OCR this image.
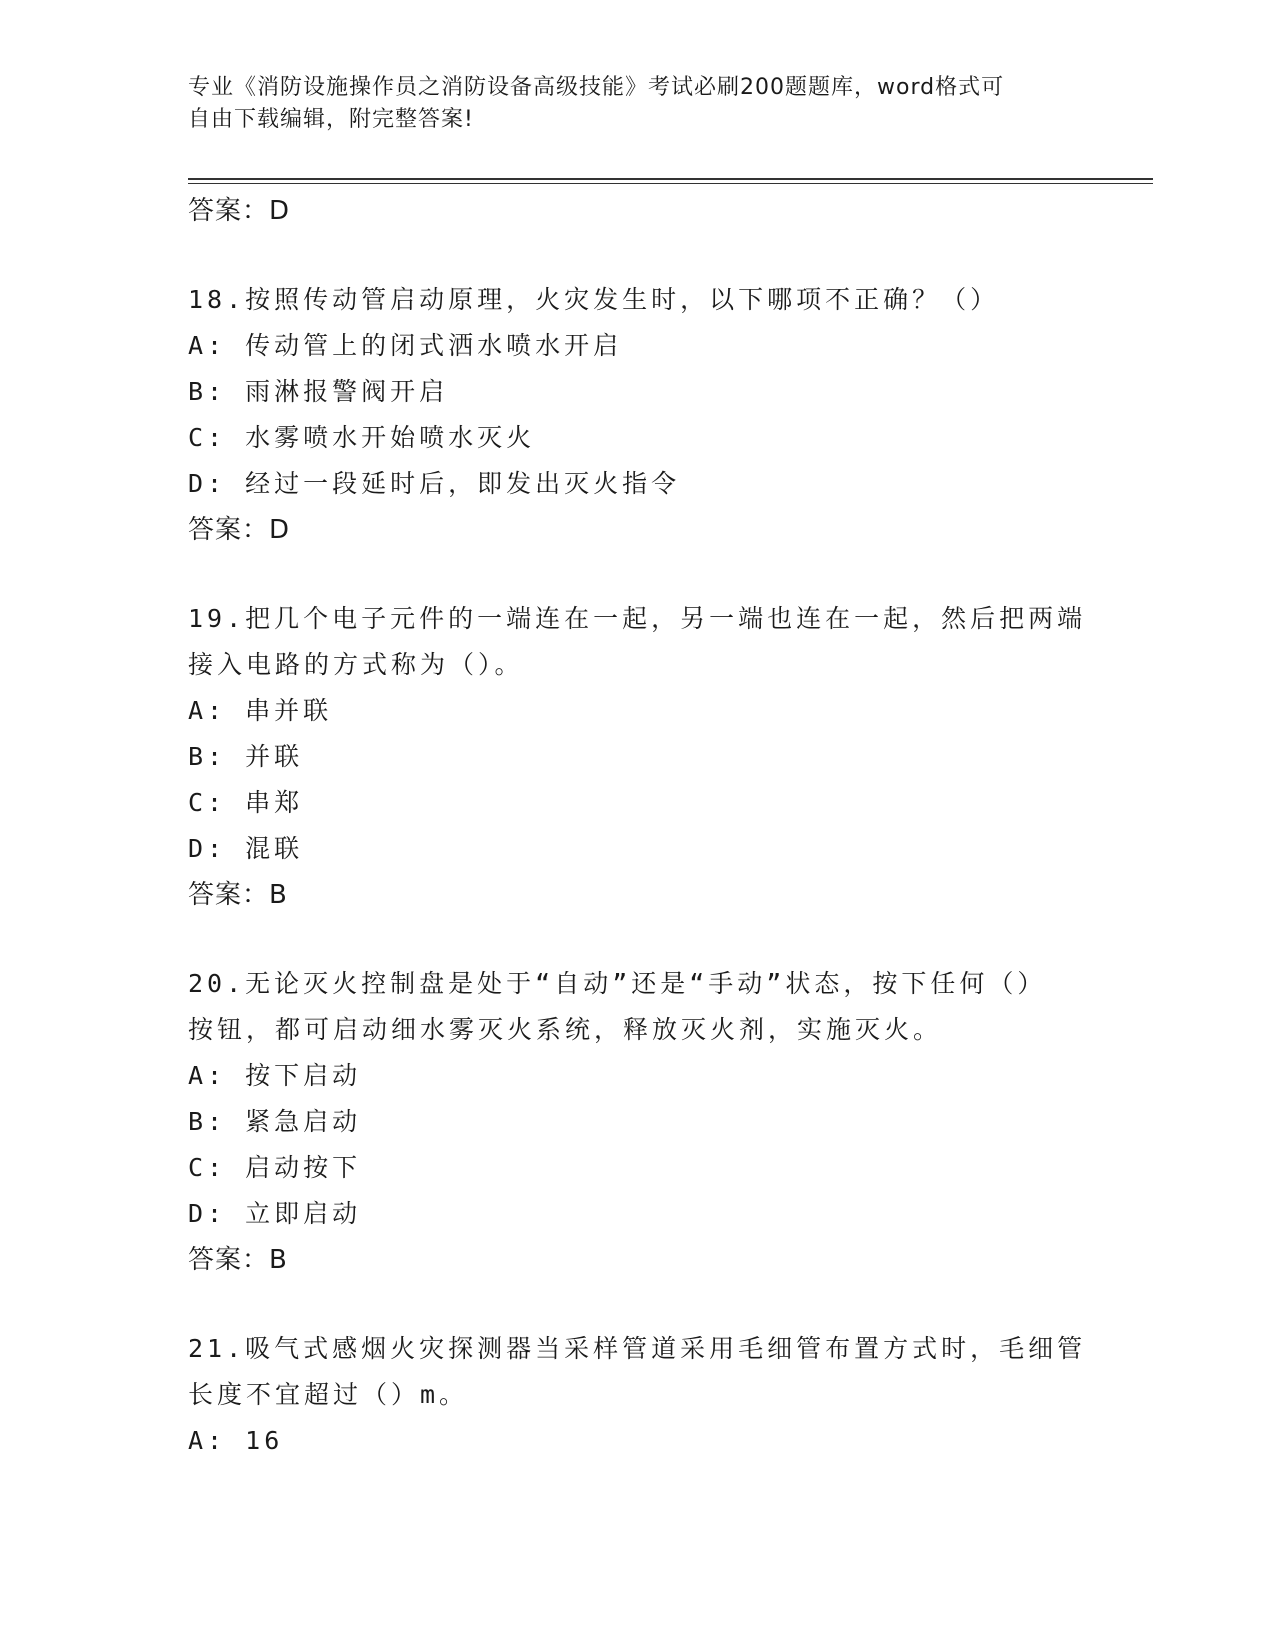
专业《消防设施操作员之消防设备高级技能》考试必刷200题题库，word格式可
自由下载编辑，附完整答案!
答案：D
18.按照传动管启动原理，火灾发生时，以下哪项不正确？（）
A: 传动管上的闭式洒水喷水开启
B: 雨淋报警阀开启
C: 水雾喷水开始喷水灭火
D: 经过一段延时后，即发出灭火指令
答案：D
19.把几个电子元件的一端连在一起，另一端也连在一起，然后把两端
接入电路的方式称为（）。
A: 串并联
B: 并联
C: 串郑
D: 混联
答案：B
20.无论灭火控制盘是处于“自动”还是“手动”状态，按下任何（）
按钮，都可启动细水雾灭火系统，释放灭火剂，实施灭火。
A: 按下启动
B: 紧急启动
C: 启动按下
D: 立即启动
答案：B
21.吸气式感烟火灾探测器当采样管道采用毛细管布置方式时，毛细管
长度不宜超过（）m。
A: 16
